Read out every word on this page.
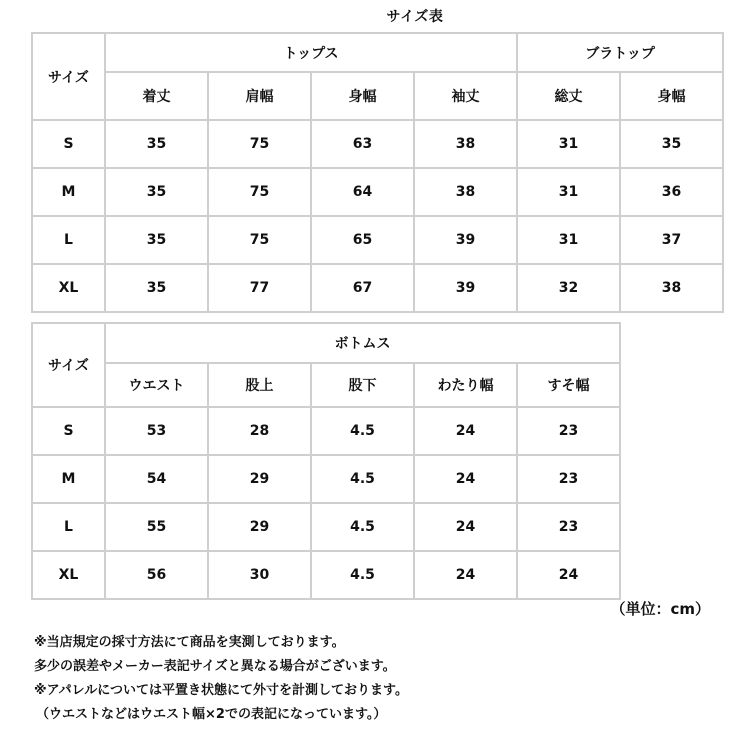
サイズ表
サイズ	トップス				ブラトップ	
	着丈	肩幅	身幅	袖丈	総丈	身幅
S	35	75	63	38	31	35
M	35	75	64	38	31	36
L	35	75	65	39	31	37
XL	35	77	67	39	32	38
サイズ	ボトムス				
	ウエスト	股上	股下	わたり幅	すそ幅
S	53	28	4.5	24	23
M	54	29	4.5	24	23
L	55	29	4.5	24	23
XL	56	30	4.5	24	24
（単位：cm）
※当店規定の採寸方法にて商品を実測しております。
多少の誤差やメーカー表記サイズと異なる場合がございます。
※アパレルについては平置き状態にて外寸を計測しております。
（ウエストなどはウエスト幅×2での表記になっています。）
